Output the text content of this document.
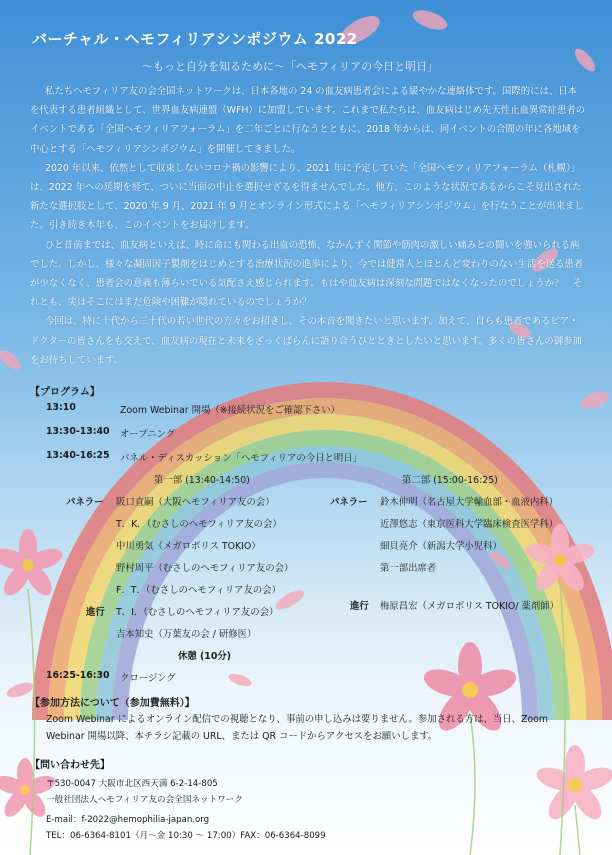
バーチャル・ヘモフィリアシンポジウム 2022
〜もっと自分を知るために〜「ヘモフィリアの今日と明日」

私たちヘモフィリア友の会全国ネットワークは、日本各地の 24 の血友病患者会による緩やかな連絡体です。国際的には、日本を代表する患者組織として、世界血友病連盟（WFH）に加盟しています。これまで私たちは、血友病はじめ先天性止血異常症患者のイベントである「全国ヘモフィリアフォーラム」を二年ごとに行なうとともに、2018 年からは、同イベントの合間の年に各地域を中心とする「ヘモフィリアシンポジウム」を開催してきました。

2020 年以来、依然として収束しないコロナ禍の影響により、2021 年に予定していた「全国ヘモフィリアフォーラム（札幌）」は、2022 年への延期を経て、ついに当面の中止を選択せざるを得ませんでした。他方、このような状況であるからこそ見出された新たな選択肢として、2020 年 9 月、2021 年 9 月とオンライン形式による「ヘモフィリアシンポジウム」を行なうことが出来ました。引き続き本年も、このイベントをお届けします。

ひと昔前までは、血友病といえば、時に命にも関わる出血の恐怖、なかんずく関節や筋肉の激しい痛みとの闘いを強いられる病でした。しかし、様々な凝固因子製剤をはじめとする治療状況の進歩により、今では健常人とほとんど変わりのない生活を送る患者が少なくなく、患者会の意義も薄らいでいる気配さえ感じられます。もはや血友病は深刻な問題ではなくなったのでしょうか？　それとも、実はそこにはまだ危険や困難が隠れているのでしょうか？

今回は、特に十代から三十代の若い世代の方々をお招きし、その本音を聞きたいと思います。加えて、自らも患者であるピア・ドクターの皆さんをも交えて、血友病の現在と未来をざっくばらんに語り合うひとときとしたいと思います。多くの皆さんの御参加をお待ちしています。

【プログラム】
13:10	Zoom Webinar 開場（※接続状況をご確認下さい）
13:30-13:40 オープニング
13:40-16:25 パネル・ディスカッション「ヘモフィリアの今日と明日」
第一部 (13:40-14:50)
パネラー 阪口直嗣（大阪ヘモフィリア友の会）
T．K．（むさしのヘモフィリア友の会）
中川勇気（メガロポリス TOKIO）
野村周平（むさしのヘモフィリア友の会）
F．T．（むさしのヘモフィリア友の会）
進行 T．I．（むさしのヘモフィリア友の会）
吉本知史（万葉友の会 / 研修医）
休憩 (10分)
第二部 (15:00-16:25)
パネラー 鈴木伸明（名古屋大学輸血部・血液内科）
近澤悠志（東京医科大学臨床検査医学科）
細貝亮介（新潟大学小児科）
第一部出席者
進行 梅原昌宏（メガロポリス TOKIO/ 薬剤師）
16:25-16:30 クロージング
【参加方法について（参加費無料）】
Zoom Webinar によるオンライン配信での視聴となり、事前の申し込みは要りません。参加される方は、当日、Zoom Webinar 開場以降、本チラシ記載の URL、または QR コードからアクセスをお願いします。
【問い合わせ先】
〒530-0047 大阪市北区西天満 6-2-14-805
一般社団法人ヘモフィリア友の会全国ネットワーク
E-mail：f-2022@hemophilia-japan.org
TEL：06-6364-8101（月〜金 10:30 〜 17:00）FAX：06-6364-8099
